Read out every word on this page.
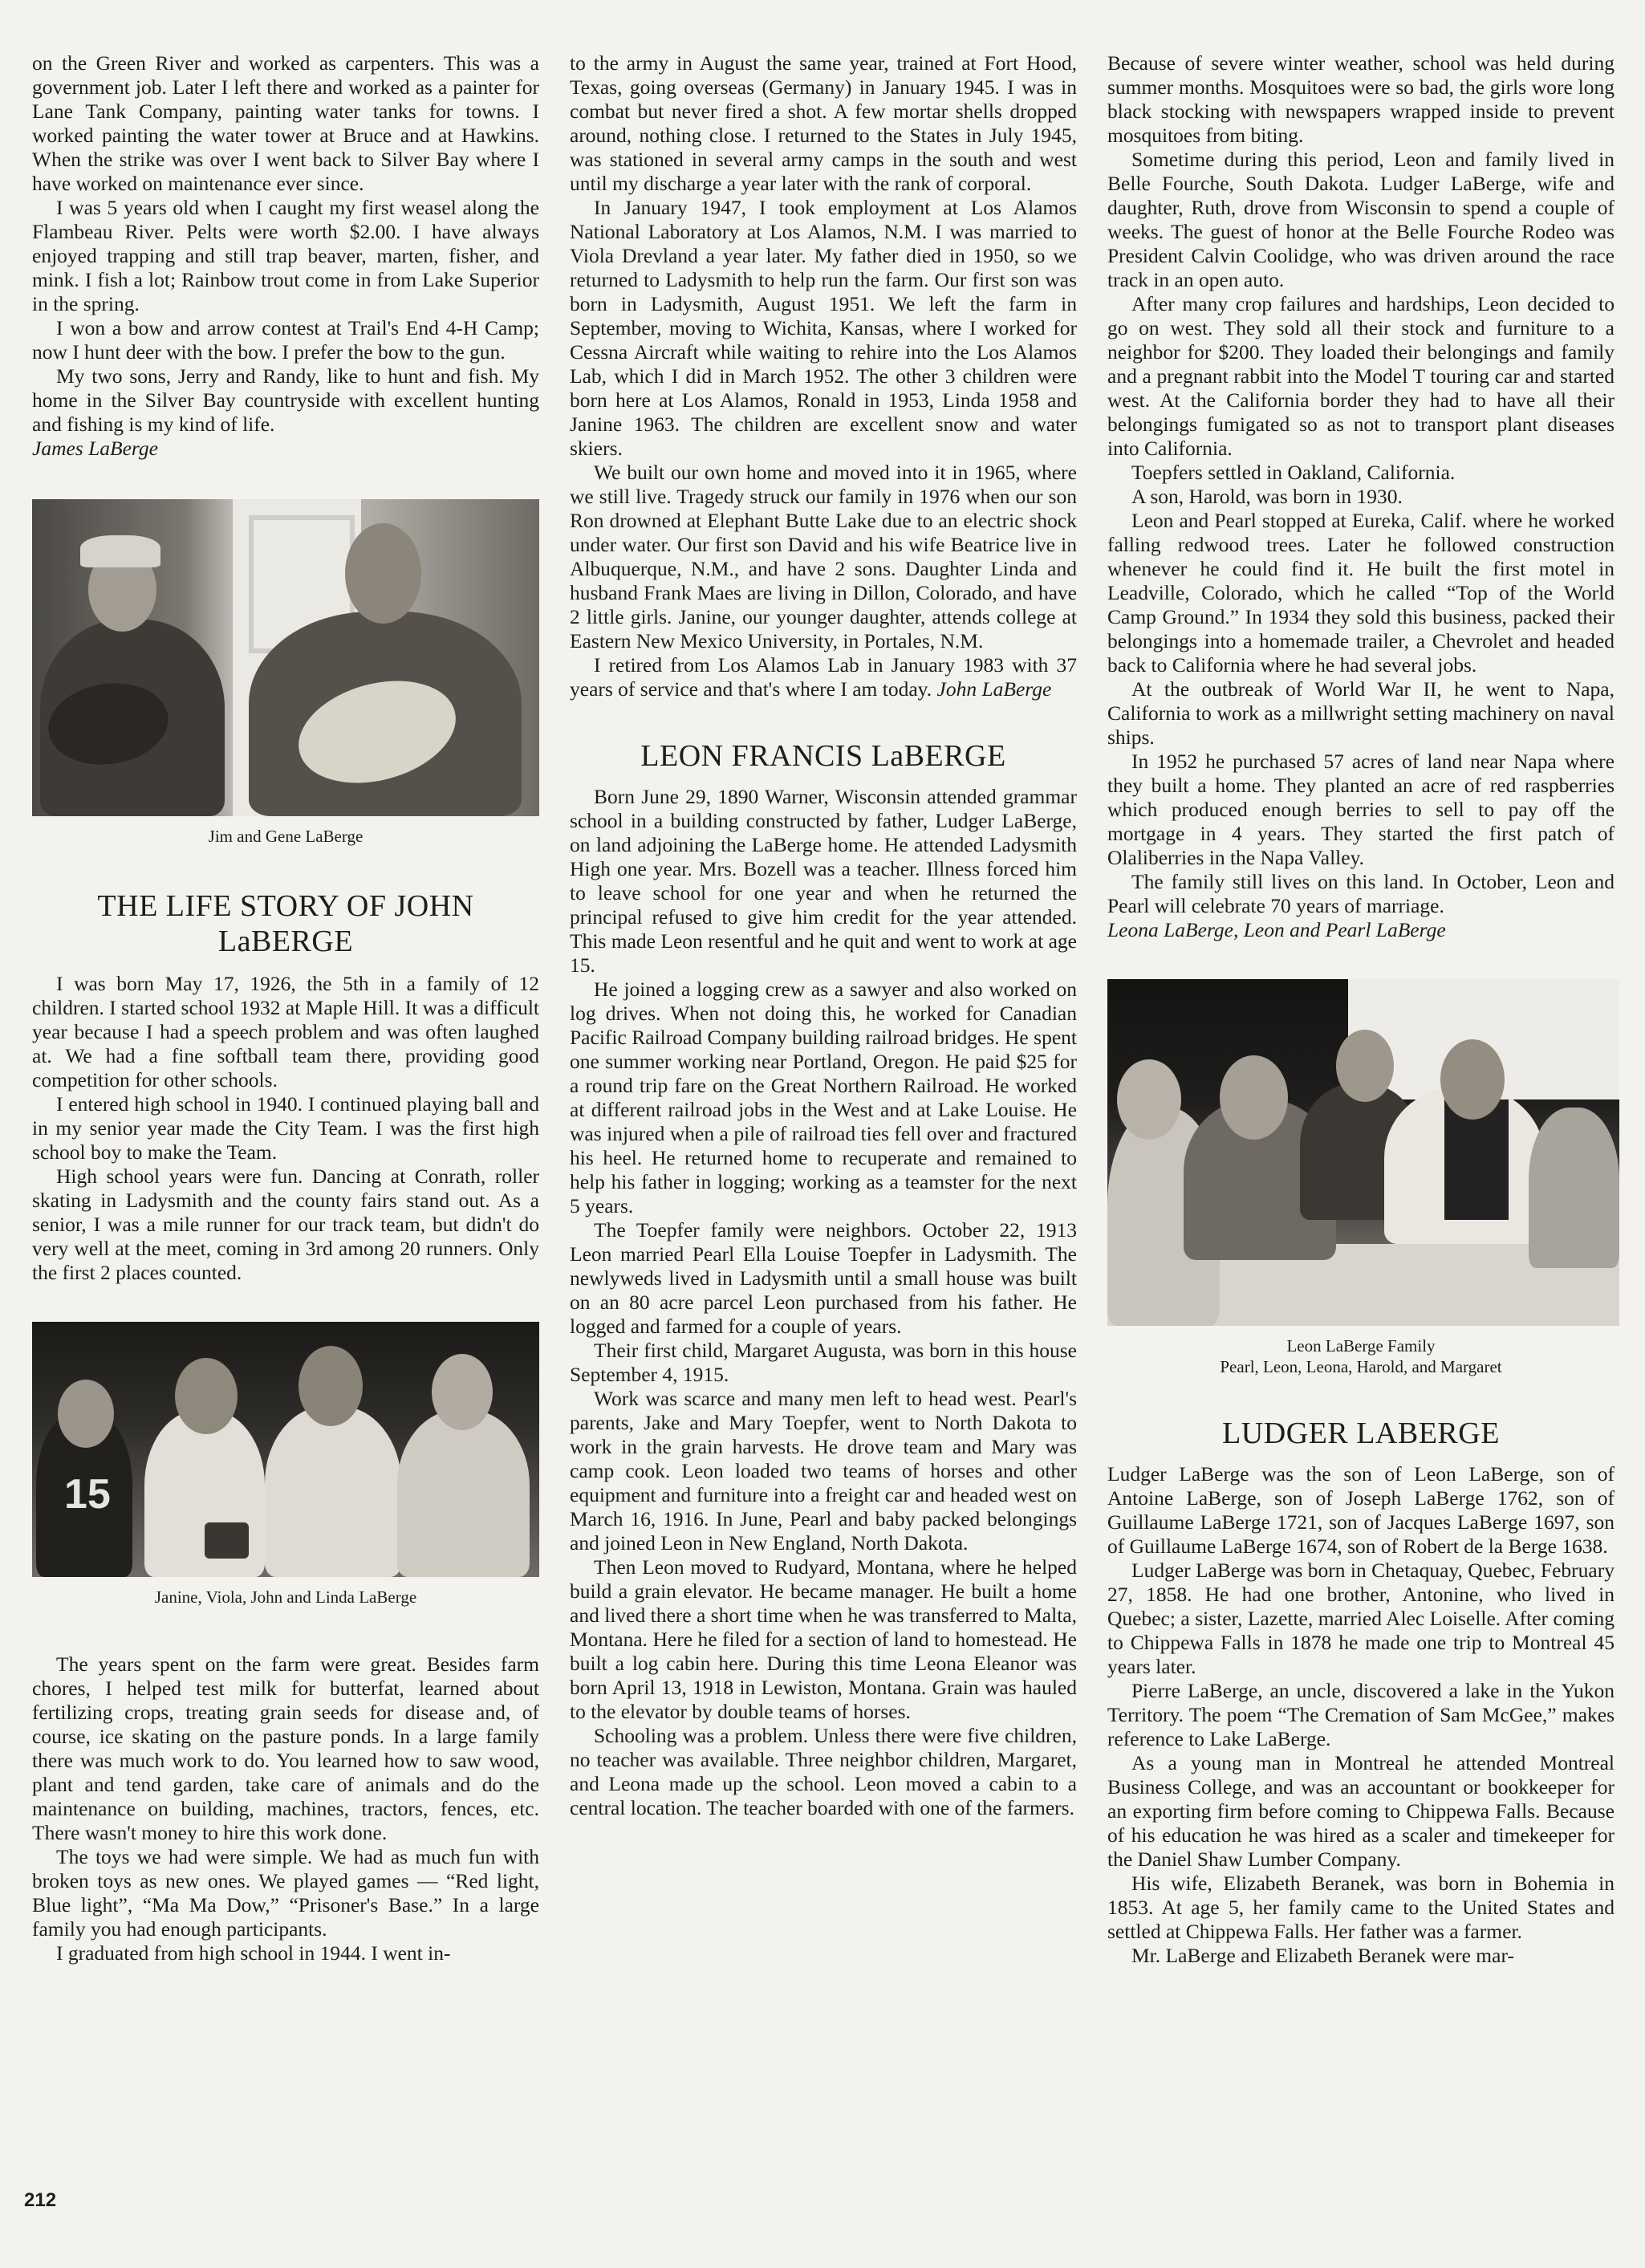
on the Green River and worked as carpenters. This was a government job. Later I left there and worked as a painter for Lane Tank Company, painting water tanks for towns. I worked painting the water tower at Bruce and at Hawkins. When the strike was over I went back to Silver Bay where I have worked on maintenance ever since.

I was 5 years old when I caught my first weasel along the Flambeau River. Pelts were worth $2.00. I have always enjoyed trapping and still trap beaver, marten, fisher, and mink. I fish a lot; Rainbow trout come in from Lake Superior in the spring.

I won a bow and arrow contest at Trail's End 4-H Camp; now I hunt deer with the bow. I prefer the bow to the gun.

My two sons, Jerry and Randy, like to hunt and fish. My home in the Silver Bay countryside with excellent hunting and fishing is my kind of life.
James LaBerge

Jim and Gene LaBerge
THE LIFE STORY OF JOHN LaBERGE

I was born May 17, 1926, the 5th in a family of 12 children. I started school 1932 at Maple Hill. It was a difficult year because I had a speech problem and was often laughed at. We had a fine softball team there, providing good competition for other schools.

I entered high school in 1940. I continued playing ball and in my senior year made the City Team. I was the first high school boy to make the Team.

High school years were fun. Dancing at Conrath, roller skating in Ladysmith and the county fairs stand out. As a senior, I was a mile runner for our track team, but didn't do very well at the meet, coming in 3rd among 20 runners. Only the first 2 places counted.

15
Janine, Viola, John and Linda LaBerge

The years spent on the farm were great. Besides farm chores, I helped test milk for butterfat, learned about fertilizing crops, treating grain seeds for disease and, of course, ice skating on the pasture ponds. In a large family there was much work to do. You learned how to saw wood, plant and tend garden, take care of animals and do the maintenance on building, machines, tractors, fences, etc. There wasn't money to hire this work done.

The toys we had were simple. We had as much fun with broken toys as new ones. We played games — “Red light, Blue light”, “Ma Ma Dow,” “Prisoner's Base.” In a large family you had enough participants.

I graduated from high school in 1944. I went in-

to the army in August the same year, trained at Fort Hood, Texas, going overseas (Germany) in January 1945. I was in combat but never fired a shot. A few mortar shells dropped around, nothing close. I returned to the States in July 1945, was stationed in several army camps in the south and west until my discharge a year later with the rank of corporal.

In January 1947, I took employment at Los Alamos National Laboratory at Los Alamos, N.M. I was married to Viola Drevland a year later. My father died in 1950, so we returned to Ladysmith to help run the farm. Our first son was born in Ladysmith, August 1951. We left the farm in September, moving to Wichita, Kansas, where I worked for Cessna Aircraft while waiting to rehire into the Los Alamos Lab, which I did in March 1952. The other 3 children were born here at Los Alamos, Ronald in 1953, Linda 1958 and Janine 1963. The children are excellent snow and water skiers.

We built our own home and moved into it in 1965, where we still live. Tragedy struck our family in 1976 when our son Ron drowned at Elephant Butte Lake due to an electric shock under water. Our first son David and his wife Beatrice live in Albuquerque, N.M., and have 2 sons. Daughter Linda and husband Frank Maes are living in Dillon, Colorado, and have 2 little girls. Janine, our younger daughter, attends college at Eastern New Mexico University, in Portales, N.M.

I retired from Los Alamos Lab in January 1983 with 37 years of service and that's where I am today. John LaBerge

LEON FRANCIS LaBERGE

Born June 29, 1890 Warner, Wisconsin attended grammar school in a building constructed by father, Ludger LaBerge, on land adjoining the LaBerge home. He attended Ladysmith High one year. Mrs. Bozell was a teacher. Illness forced him to leave school for one year and when he returned the principal refused to give him credit for the year attended. This made Leon resentful and he quit and went to work at age 15.

He joined a logging crew as a sawyer and also worked on log drives. When not doing this, he worked for Canadian Pacific Railroad Company building railroad bridges. He spent one summer working near Portland, Oregon. He paid $25 for a round trip fare on the Great Northern Railroad. He worked at different railroad jobs in the West and at Lake Louise. He was injured when a pile of railroad ties fell over and fractured his heel. He returned home to recuperate and remained to help his father in logging; working as a teamster for the next 5 years.

The Toepfer family were neighbors. October 22, 1913 Leon married Pearl Ella Louise Toepfer in Ladysmith. The newlyweds lived in Ladysmith until a small house was built on an 80 acre parcel Leon purchased from his father. He logged and farmed for a couple of years.

Their first child, Margaret Augusta, was born in this house September 4, 1915.

Work was scarce and many men left to head west. Pearl's parents, Jake and Mary Toepfer, went to North Dakota to work in the grain harvests. He drove team and Mary was camp cook. Leon loaded two teams of horses and other equipment and furniture into a freight car and headed west on March 16, 1916. In June, Pearl and baby packed belongings and joined Leon in New England, North Dakota.

Then Leon moved to Rudyard, Montana, where he helped build a grain elevator. He became manager. He built a home and lived there a short time when he was transferred to Malta, Montana. Here he filed for a section of land to homestead. He built a log cabin here. During this time Leona Eleanor was born April 13, 1918 in Lewiston, Montana. Grain was hauled to the elevator by double teams of horses.

Schooling was a problem. Unless there were five children, no teacher was available. Three neighbor children, Margaret, and Leona made up the school. Leon moved a cabin to a central location. The teacher boarded with one of the farmers.

Because of severe winter weather, school was held during summer months. Mosquitoes were so bad, the girls wore long black stocking with newspapers wrapped inside to prevent mosquitoes from biting.

Sometime during this period, Leon and family lived in Belle Fourche, South Dakota. Ludger LaBerge, wife and daughter, Ruth, drove from Wisconsin to spend a couple of weeks. The guest of honor at the Belle Fourche Rodeo was President Calvin Coolidge, who was driven around the race track in an open auto.

After many crop failures and hardships, Leon decided to go on west. They sold all their stock and furniture to a neighbor for $200. They loaded their belongings and family and a pregnant rabbit into the Model T touring car and started west. At the California border they had to have all their belongings fumigated so as not to transport plant diseases into California.

Toepfers settled in Oakland, California.

A son, Harold, was born in 1930.

Leon and Pearl stopped at Eureka, Calif. where he worked falling redwood trees. Later he followed construction whenever he could find it. He built the first motel in Leadville, Colorado, which he called “Top of the World Camp Ground.” In 1934 they sold this business, packed their belongings into a homemade trailer, a Chevrolet and headed back to California where he had several jobs.

At the outbreak of World War II, he went to Napa, California to work as a millwright setting machinery on naval ships.

In 1952 he purchased 57 acres of land near Napa where they built a home. They planted an acre of red raspberries which produced enough berries to sell to pay off the mortgage in 4 years. They started the first patch of Olaliberries in the Napa Valley.

The family still lives on this land. In October, Leon and Pearl will celebrate 70 years of marriage.
Leona LaBerge, Leon and Pearl LaBerge

Leon LaBerge Family
Pearl, Leon, Leona, Harold, and Margaret
LUDGER LABERGE

Ludger LaBerge was the son of Leon LaBerge, son of Antoine LaBerge, son of Joseph LaBerge 1762, son of Guillaume LaBerge 1721, son of Jacques LaBerge 1697, son of Guillaume LaBerge 1674, son of Robert de la Berge 1638.

Ludger LaBerge was born in Chetaquay, Quebec, February 27, 1858. He had one brother, Antonine, who lived in Quebec; a sister, Lazette, married Alec Loiselle. After coming to Chippewa Falls in 1878 he made one trip to Montreal 45 years later.

Pierre LaBerge, an uncle, discovered a lake in the Yukon Territory. The poem “The Cremation of Sam McGee,” makes reference to Lake LaBerge.

As a young man in Montreal he attended Montreal Business College, and was an accountant or bookkeeper for an exporting firm before coming to Chippewa Falls. Because of his education he was hired as a scaler and timekeeper for the Daniel Shaw Lumber Company.

His wife, Elizabeth Beranek, was born in Bohemia in 1853. At age 5, her family came to the United States and settled at Chippewa Falls. Her father was a farmer.

Mr. LaBerge and Elizabeth Beranek were mar-

212
